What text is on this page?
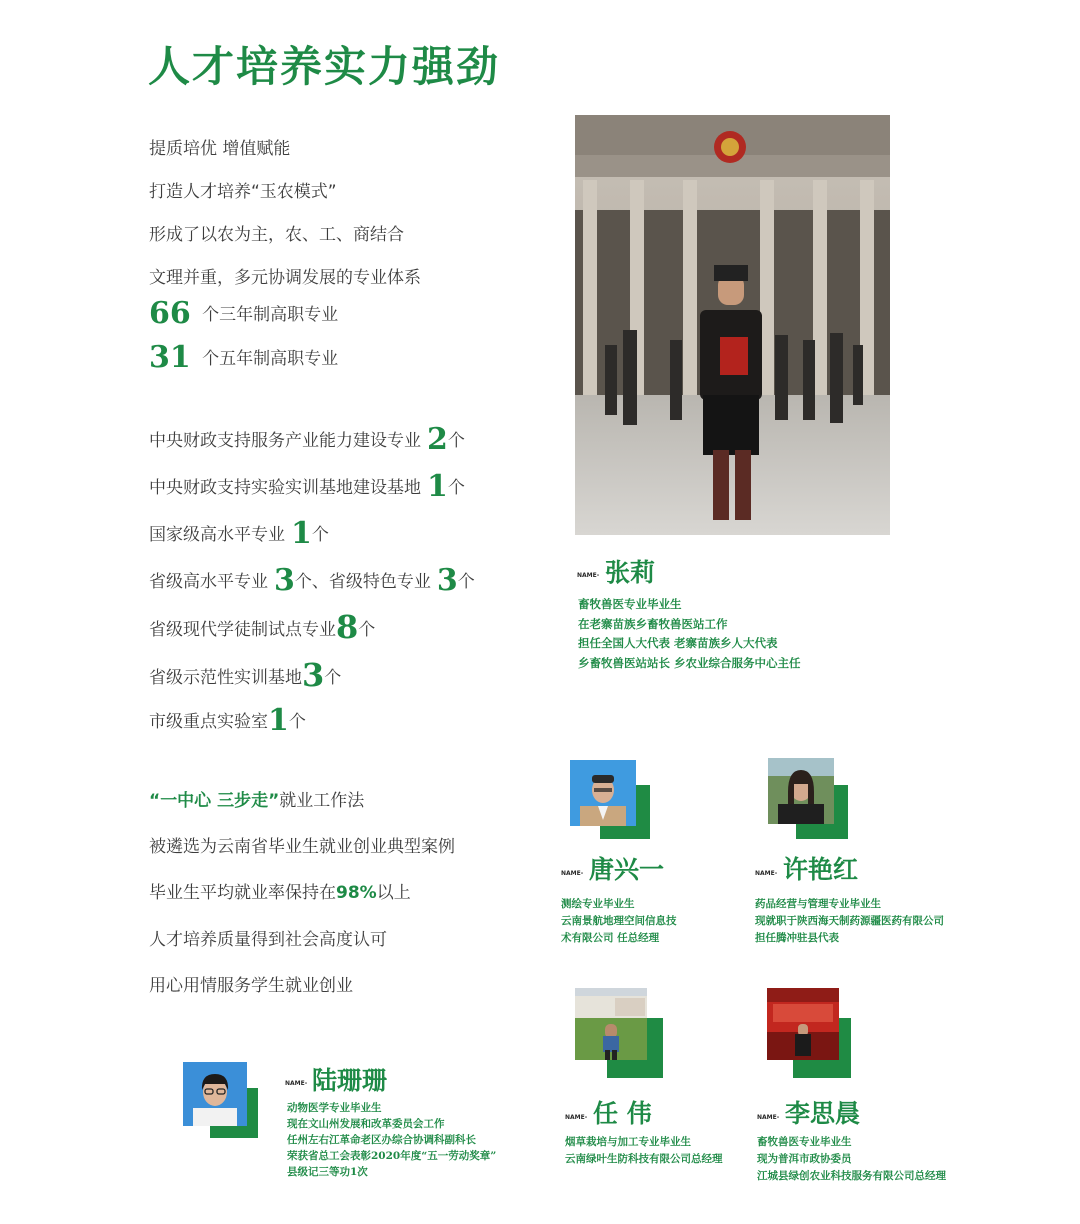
人才培养实力强劲
提质培优 增值赋能
打造人才培养“玉农模式”
形成了以农为主，农、工、商结合
文理并重，多元协调发展的专业体系
66 个三年制高职专业
31 个五年制高职专业
中央财政支持服务产业能力建设专业 2个
中央财政支持实验实训基地建设基地 1个
国家级高水平专业 1个
省级高水平专业 3个、省级特色专业 3个
省级现代学徒制试点专业8个
省级示范性实训基地3个
市级重点实验室1个
“一中心 三步走”就业工作法
被遴选为云南省毕业生就业创业典型案例
毕业生平均就业率保持在98%以上
人才培养质量得到社会高度认可
用心用情服务学生就业创业
NAME- 张莉
畜牧兽医专业毕业生
在老寨苗族乡畜牧兽医站工作
担任全国人大代表 老寨苗族乡人大代表
乡畜牧兽医站站长 乡农业综合服务中心主任
NAME- 唐兴一
测绘专业毕业生
云南景航地理空间信息技
术有限公司 任总经理
NAME- 许艳红
药品经营与管理专业毕业生
现就职于陕西海天制药源疆医药有限公司
担任腾冲驻县代表
NAME- 任 伟
烟草栽培与加工专业毕业生
云南绿叶生防科技有限公司总经理
NAME- 李思晨
畜牧兽医专业毕业生
现为普洱市政协委员
江城县绿创农业科技服务有限公司总经理
NAME- 陆珊珊
动物医学专业毕业生
现在文山州发展和改革委员会工作
任州左右江革命老区办综合协调科副科长
荣获省总工会表彰2020年度“五一劳动奖章”
县级记三等功1次
